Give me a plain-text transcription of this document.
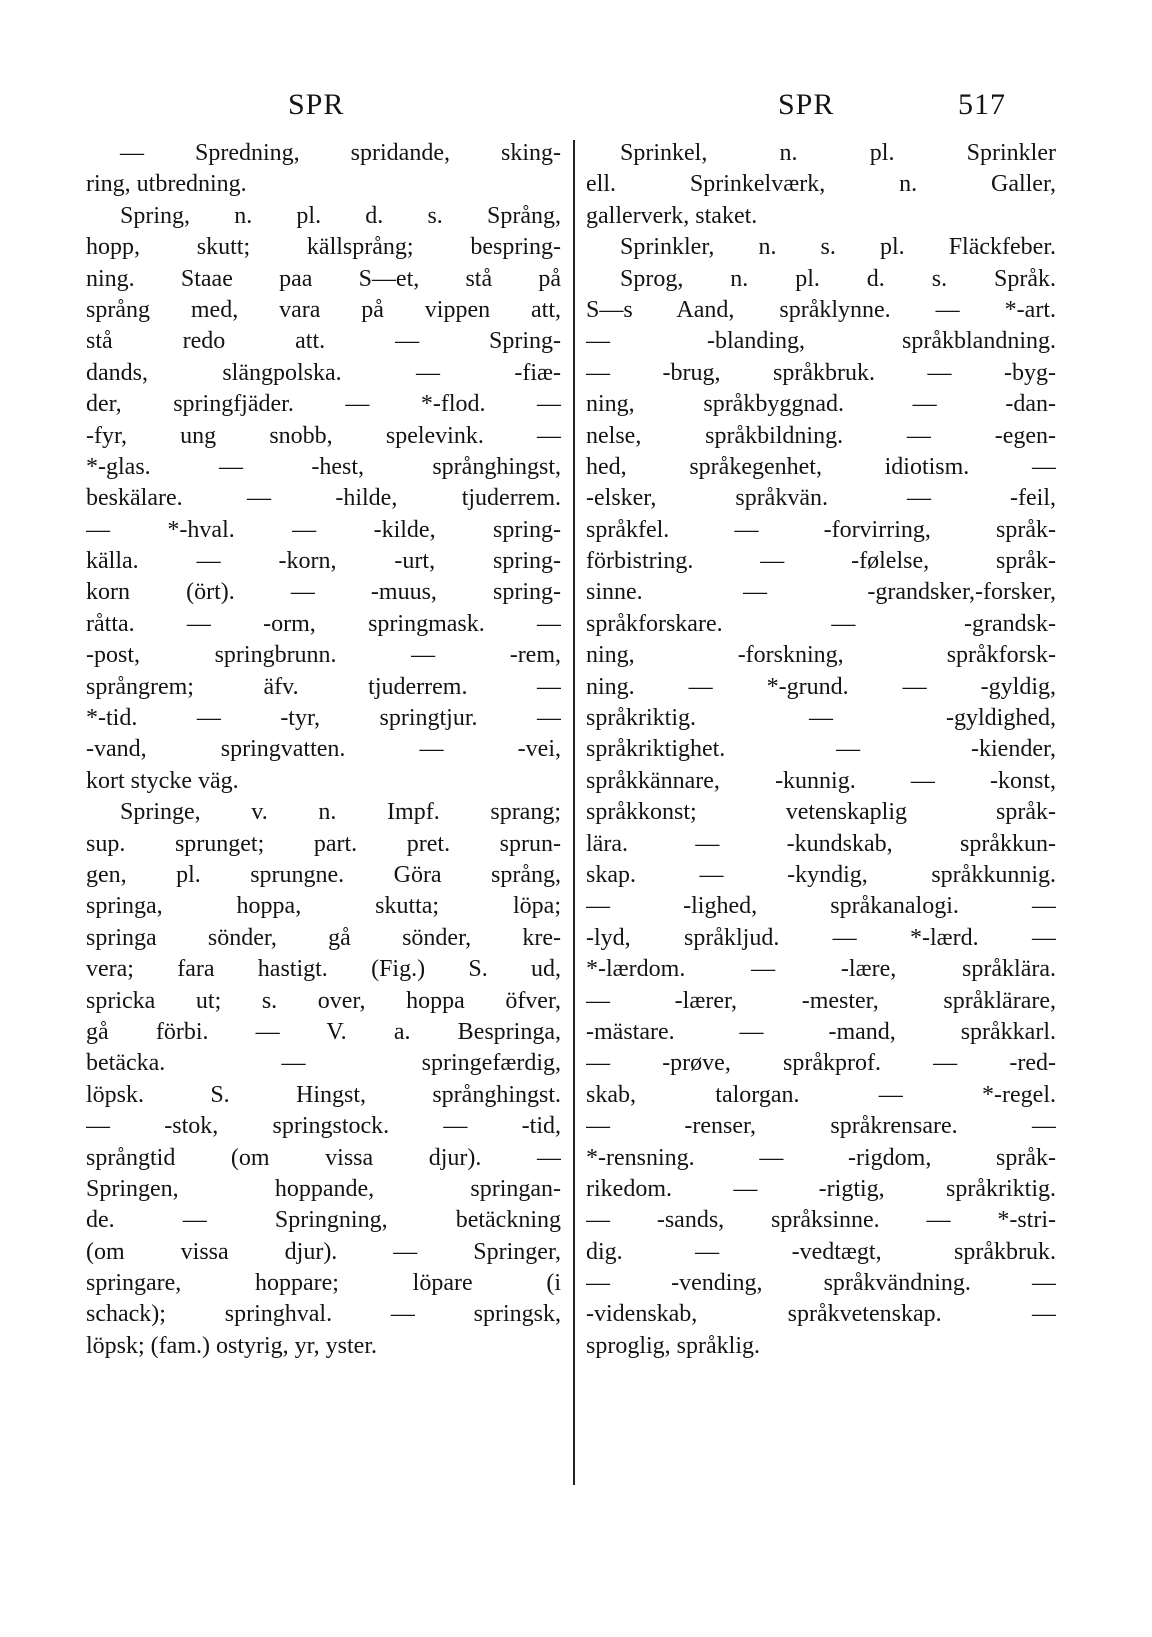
SPR	SPR	517
— Spredning, spridande, sking-
ring, utbredning.
Spring, n. pl. d. s. Språng,
hopp, skutt; källsprång; bespring-
ning. Staae paa S—et, stå på
språng med, vara på vippen att,
stå redo att. — Spring-
dands, slängpolska. — -fiæ-
der, springfjäder. — *-flod. —
-fyr, ung snobb, spelevink. —
*-glas. — -hest, språnghingst,
beskälare. — -hilde, tjuderrem.
— *-hval. — -kilde, spring-
källa. — -korn, -urt, spring-
korn (ört). — -muus, spring-
råtta. — -orm, springmask. —
-post, springbrunn. — -rem,
språngrem; äfv. tjuderrem. —
*-tid. — -tyr, springtjur. —
-vand, springvatten. — -vei,
kort stycke väg.
Springe, v. n. Impf. sprang;
sup. sprunget; part. pret. sprun-
gen, pl. sprungne. Göra språng,
springa, hoppa, skutta; löpa;
springa sönder, gå sönder, kre-
vera; fara hastigt. (Fig.) S. ud,
spricka ut; s. over, hoppa öfver,
gå förbi. — V. a. Bespringa,
betäcka. — springefærdig,
löpsk. S. Hingst, språnghingst.
— -stok, springstock. — -tid,
språngtid (om vissa djur). —
Springen, hoppande, springan-
de. — Springning, betäckning
(om vissa djur). — Springer,
springare, hoppare; löpare (i
schack); springhval. — springsk,
löpsk; (fam.) ostyrig, yr, yster.
Sprinkel, n. pl. Sprinkler
ell. Sprinkelværk, n. Galler,
gallerverk, staket.
Sprinkler, n. s. pl. Fläckfeber.
Sprog, n. pl. d. s. Språk.
S—s Aand, språklynne. — *-art.
— -blanding, språkblandning.
— -brug, språkbruk. — -byg-
ning, språkbyggnad. — -dan-
nelse, språkbildning. — -egen-
hed, språkegenhet, idiotism. —
-elsker, språkvän. — -feil,
språkfel. — -forvirring, språk-
förbistring. — -følelse, språk-
sinne. — -grandsker,-forsker,
språkforskare. — -grandsk-
ning, -forskning, språkforsk-
ning. — *-grund. — -gyldig,
språkriktig. — -gyldighed,
språkriktighet. — -kiender,
språkkännare, -kunnig. — -konst,
språkkonst; vetenskaplig språk-
lära. — -kundskab, språkkun-
skap. — -kyndig, språkkunnig.
— -lighed, språkanalogi. —
-lyd, språkljud. — *-lærd. —
*-lærdom. — -lære, språklära.
— -lærer, -mester, språklärare,
-mästare. — -mand, språkkarl.
— -prøve, språkprof. — -red-
skab, talorgan. — *-regel.
— -renser, språkrensare. —
*-rensning. — -rigdom, språk-
rikedom. — -rigtig, språkriktig.
— -sands, språksinne. — *-stri-
dig. — -vedtægt, språkbruk.
— -vending, språkvändning. —
-videnskab, språkvetenskap. —
sproglig, språklig.
